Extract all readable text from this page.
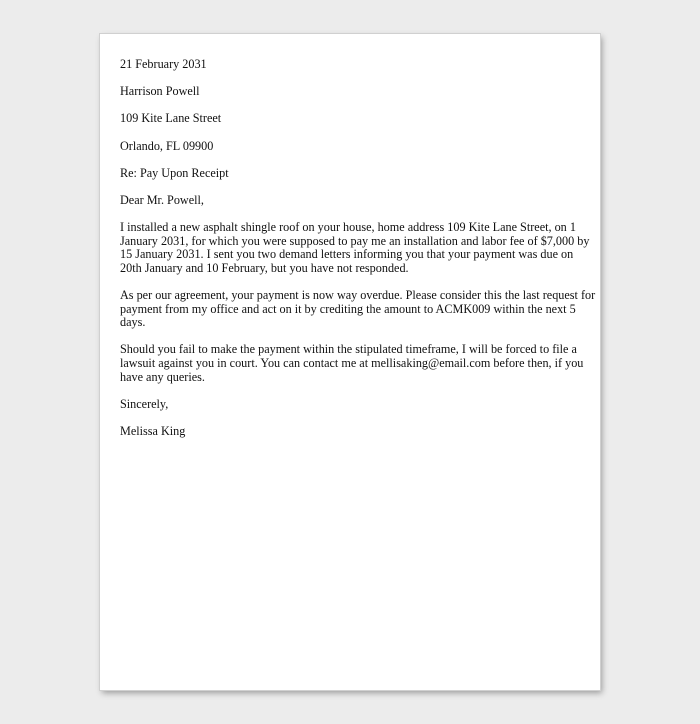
21 February 2031
Harrison Powell
109 Kite Lane Street
Orlando, FL 09900
Re: Pay Upon Receipt
Dear Mr. Powell,
I installed a new asphalt shingle roof on your house, home address 109 Kite Lane Street, on 1
January 2031, for which you were supposed to pay me an installation and labor fee of $7,000 by
15 January 2031. I sent you two demand letters informing you that your payment was due on
20th January and 10 February, but you have not responded.
As per our agreement, your payment is now way overdue. Please consider this the last request for
payment from my office and act on it by crediting the amount to ACMK009 within the next 5
days.
Should you fail to make the payment within the stipulated timeframe, I will be forced to file a
lawsuit against you in court. You can contact me at mellisaking@email.com before then, if you
have any queries.
Sincerely,
Melissa King
